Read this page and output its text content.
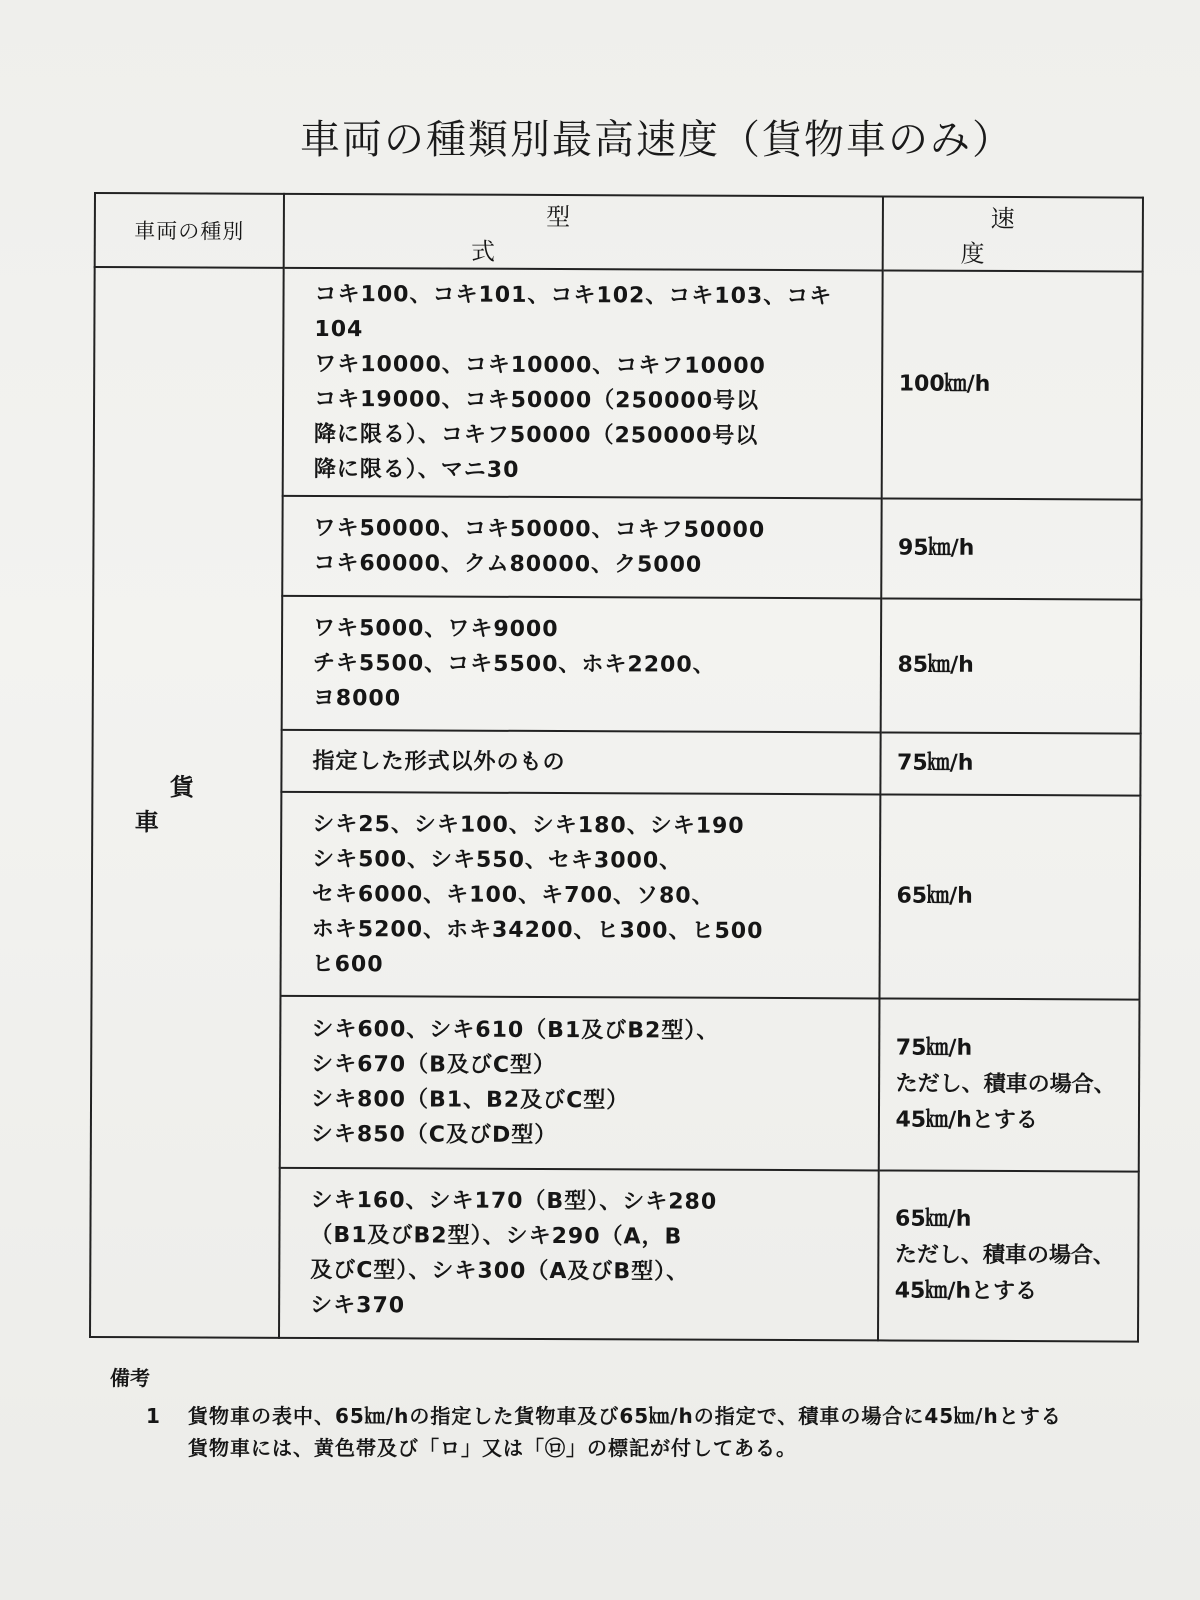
車両の種類別最高速度（貨物車のみ）
車両の種別	型　式	速　度
貨　車	コキ100、コキ101、コキ102、コキ103、コキ104
ワキ10000、コキ10000、コキフ10000
コキ19000、コキ50000（250000号以
降に限る）、コキフ50000（250000号以
降に限る）、マニ30	100㎞/h
	ワキ50000、コキ50000、コキフ50000
コキ60000、クム80000、ク5000	95㎞/h
	ワキ5000、ワキ9000
チキ5500、コキ5500、ホキ2200、
ヨ8000	85㎞/h
	指定した形式以外のもの	75㎞/h
	シキ25、シキ100、シキ180、シキ190
シキ500、シキ550、セキ3000、
セキ6000、キ100、キ700、ソ80、
ホキ5200、ホキ34200、ヒ300、ヒ500
ヒ600	65㎞/h
	シキ600、シキ610（B1及びB2型）、
シキ670（B及びC型）
シキ800（B1、B2及びC型）
シキ850（C及びD型）	75㎞/h
ただし、積車の場合、45㎞/hとする
	シキ160、シキ170（B型）、シキ280
（B1及びB2型）、シキ290（A，B
及びC型）、シキ300（A及びB型）、
シキ370	65㎞/h
ただし、積車の場合、45㎞/hとする
備考
1	貨物車の表中、65㎞/hの指定した貨物車及び65㎞/hの指定で、積車の場合に45㎞/hとする貨物車には、黄色帯及び「ロ」又は「㋺」の標記が付してある。
